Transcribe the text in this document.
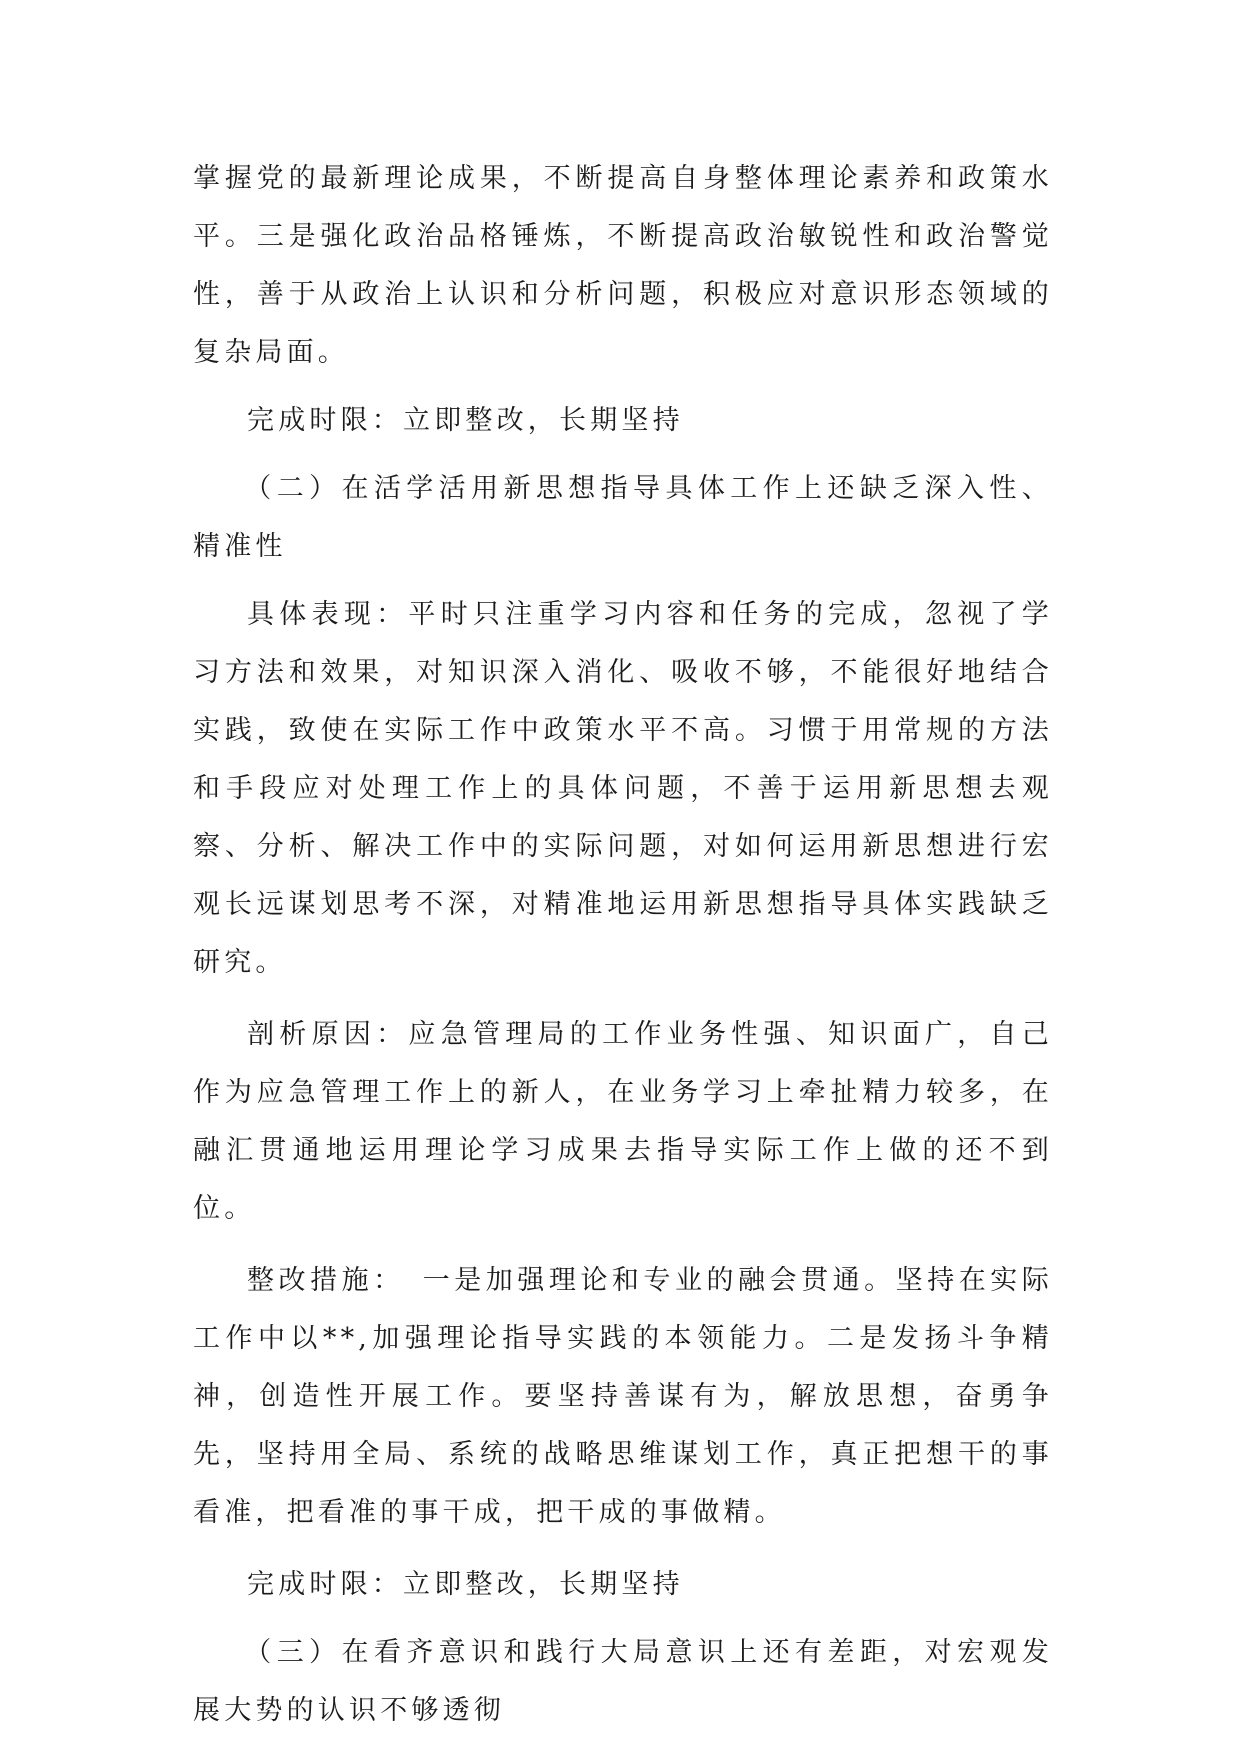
掌握党的最新理论成果，不断提高自身整体理论素养和政策水平。三是强化政治品格锤炼，不断提高政治敏锐性和政治警觉性，善于从政治上认识和分析问题，积极应对意识形态领域的复杂局面。

完成时限：立即整改，长期坚持

（二）在活学活用新思想指导具体工作上还缺乏深入性、精准性

具体表现：平时只注重学习内容和任务的完成，忽视了学习方法和效果，对知识深入消化、吸收不够，不能很好地结合实践，致使在实际工作中政策水平不高。习惯于用常规的方法和手段应对处理工作上的具体问题，不善于运用新思想去观察、分析、解决工作中的实际问题，对如何运用新思想进行宏观长远谋划思考不深，对精准地运用新思想指导具体实践缺乏研究。

剖析原因：应急管理局的工作业务性强、知识面广，自己作为应急管理工作上的新人，在业务学习上牵扯精力较多，在融汇贯通地运用理论学习成果去指导实际工作上做的还不到位。

整改措施：　一是加强理论和专业的融会贯通。坚持在实际工作中以**,加强理论指导实践的本领能力。二是发扬斗争精神，创造性开展工作。要坚持善谋有为，解放思想，奋勇争先，坚持用全局、系统的战略思维谋划工作，真正把想干的事看准，把看准的事干成，把干成的事做精。

完成时限：立即整改，长期坚持

（三）在看齐意识和践行大局意识上还有差距，对宏观发展大势的认识不够透彻
